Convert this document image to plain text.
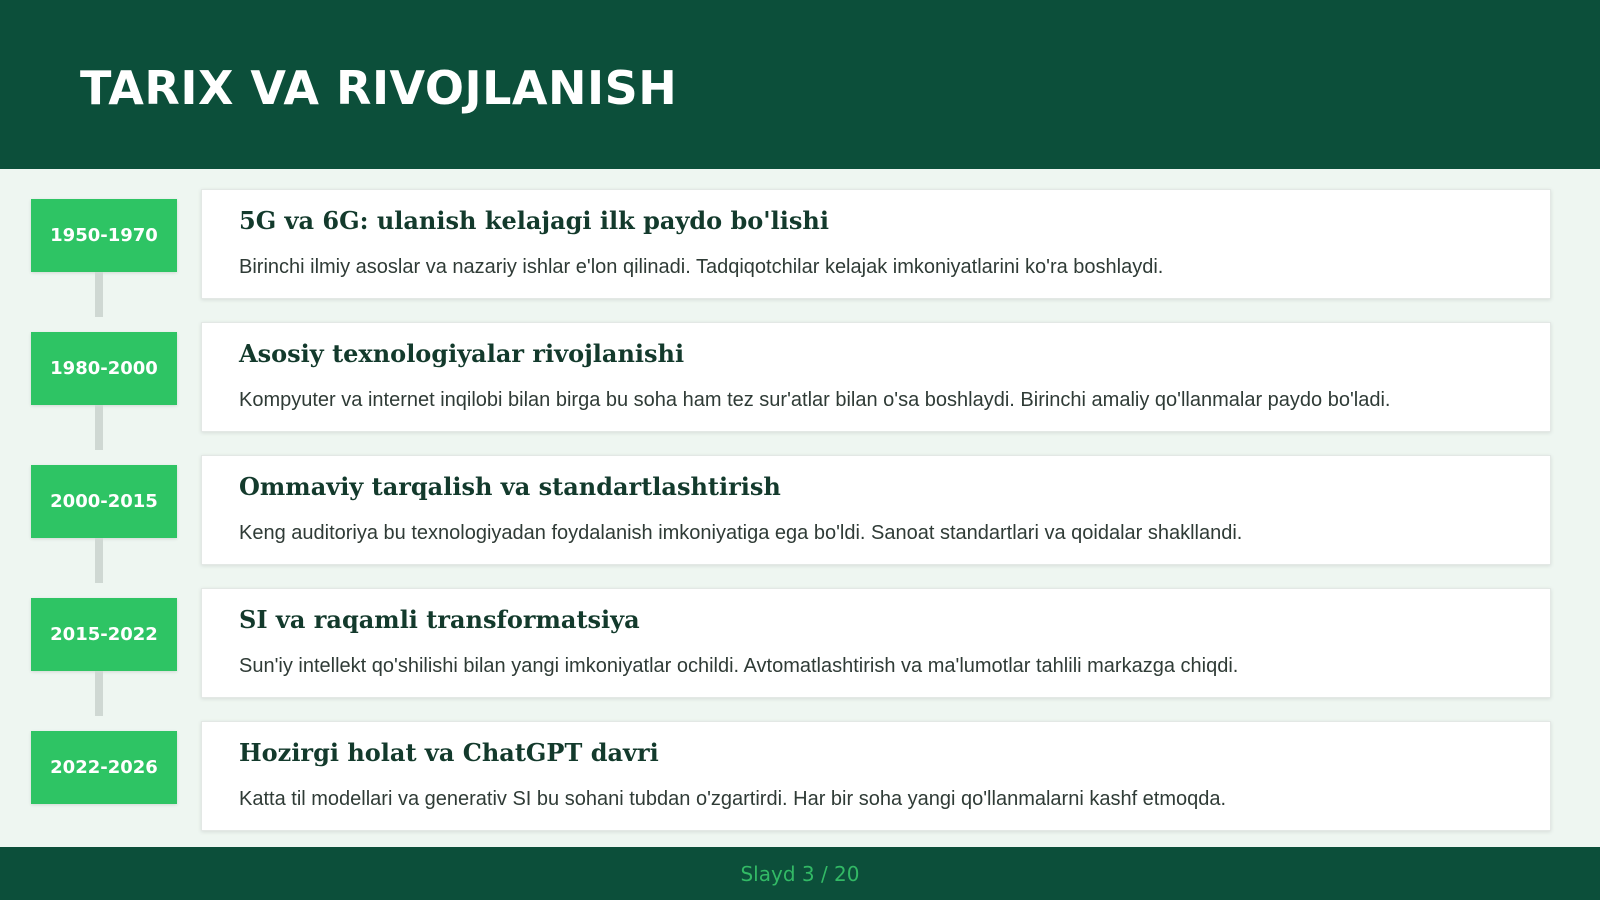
TARIX VA RIVOJLANISH
1950-1970
5G va 6G: ulanish kelajagi ilk paydo bo'lishi

Birinchi ilmiy asoslar va nazariy ishlar e'lon qilinadi. Tadqiqotchilar kelajak imkoniyatlarini ko'ra boshlaydi.

1980-2000
Asosiy texnologiyalar rivojlanishi

Kompyuter va internet inqilobi bilan birga bu soha ham tez sur'atlar bilan o'sa boshlaydi. Birinchi amaliy qo'llanmalar paydo bo'ladi.

2000-2015
Ommaviy tarqalish va standartlashtirish

Keng auditoriya bu texnologiyadan foydalanish imkoniyatiga ega bo'ldi. Sanoat standartlari va qoidalar shakllandi.

2015-2022
SI va raqamli transformatsiya

Sun'iy intellekt qo'shilishi bilan yangi imkoniyatlar ochildi. Avtomatlashtirish va ma'lumotlar tahlili markazga chiqdi.

2022-2026
Hozirgi holat va ChatGPT davri

Katta til modellari va generativ SI bu sohani tubdan o'zgartirdi. Har bir soha yangi qo'llanmalarni kashf etmoqda.

Slayd 3 / 20
